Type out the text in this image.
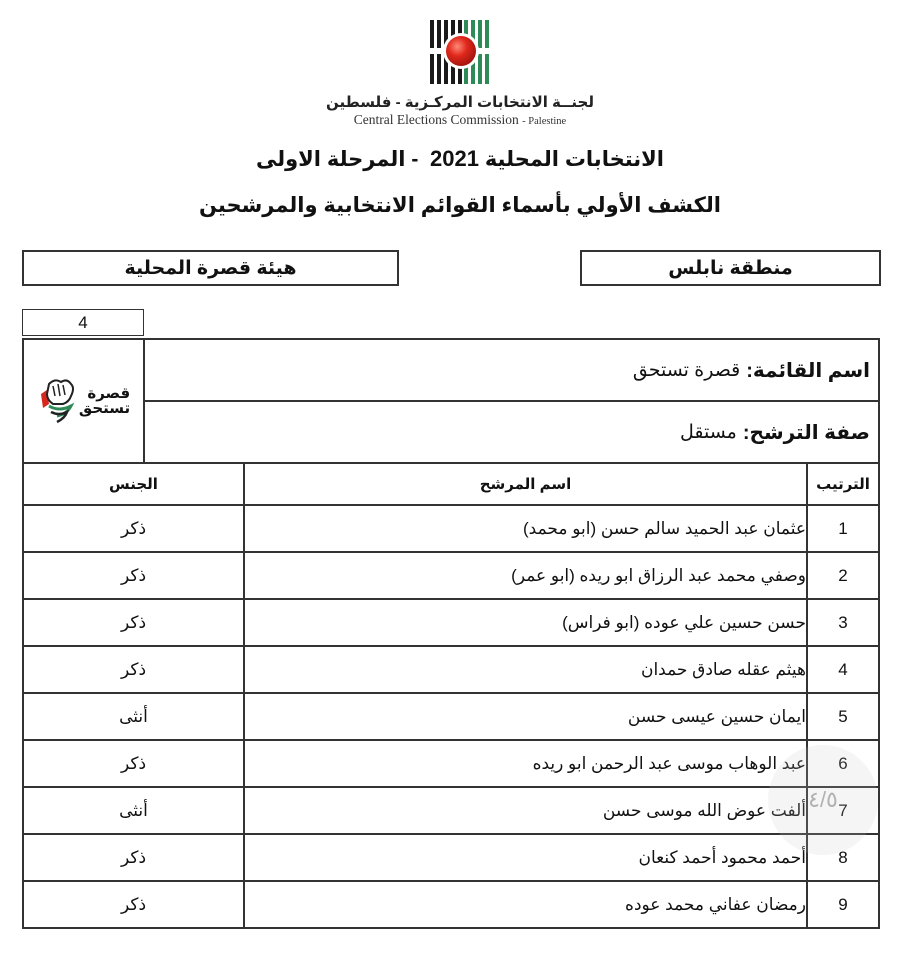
لجنــة الانتخابات المركـزية - فلسطين
Central Elections Commission - Palestine
الانتخابات المحلية 2021  - المرحلة الاولى
الكشف الأولي بأسماء القوائم الانتخابية والمرشحين
منطقة نابلس
هيئة قصرة المحلية
4
قصرة
تستحق
اسم القائمة:
قصرة تستحق
صفة الترشح:
مستقل
الترتيب	اسم المرشح	الجنس
1	عثمان عبد الحميد سالم حسن (ابو محمد)	ذكر
2	وصفي محمد عبد الرزاق ابو ريده (ابو عمر)	ذكر
3	حسن حسين علي عوده (ابو فراس)	ذكر
4	هيثم عقله صادق حمدان	ذكر
5	ايمان حسين عيسى حسن	أنثى
6	عبد الوهاب موسى عبد الرحمن ابو ريده	ذكر
7	ألفت عوض الله موسى حسن	أنثى
8	أحمد محمود أحمد كنعان	ذكر
9	رمضان عفاني محمد عوده	ذكر
٤/٥
